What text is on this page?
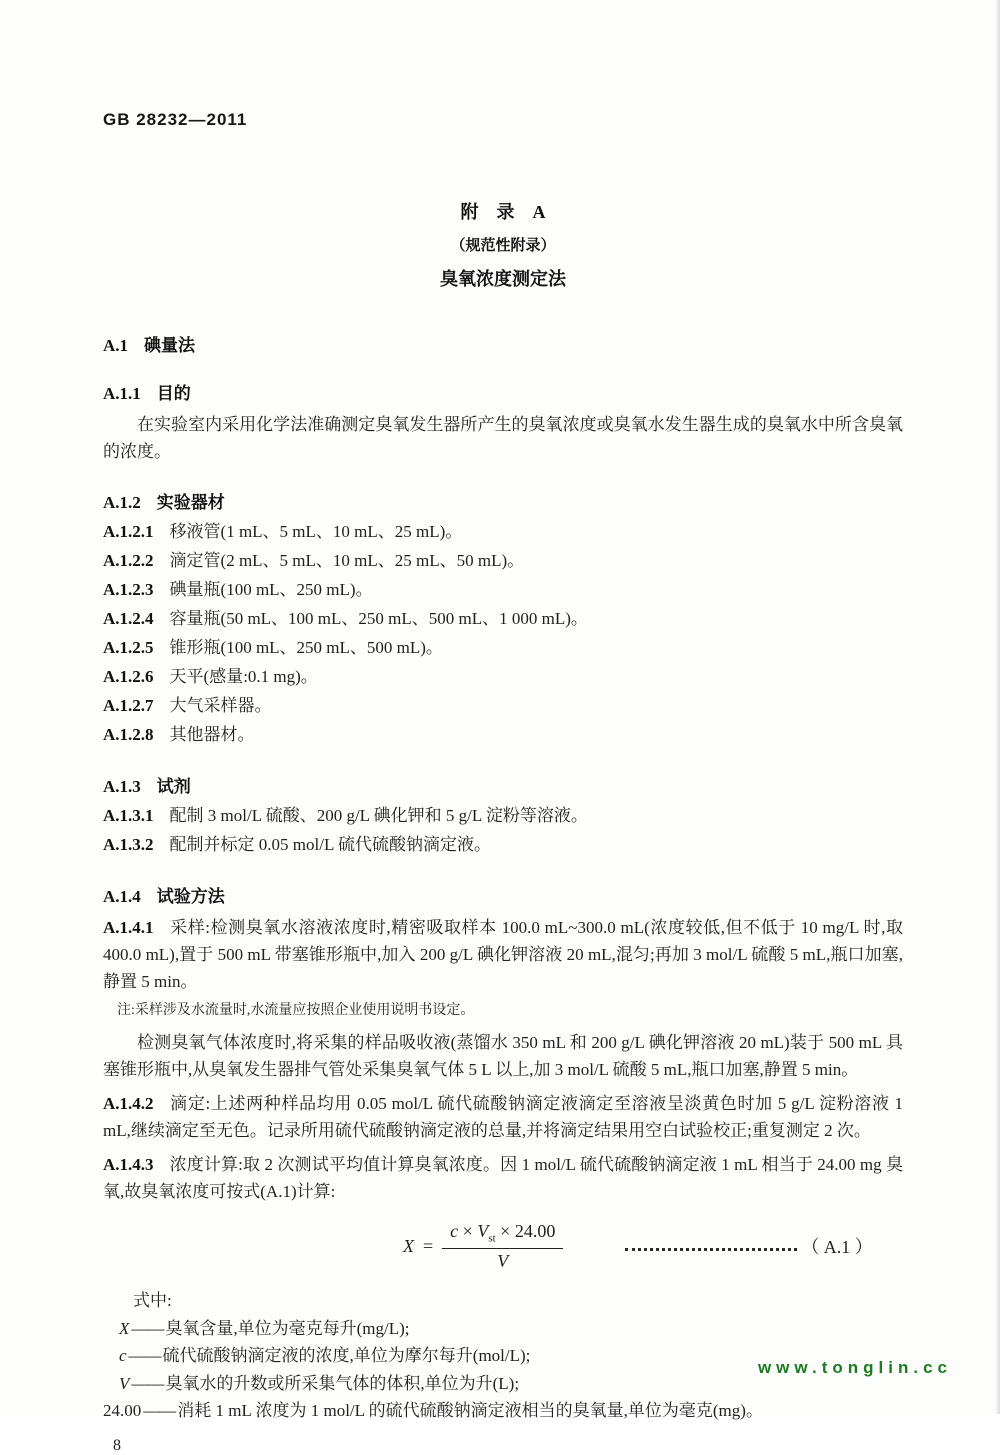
GB 28232—2011
附　录　A
（规范性附录）
臭氧浓度测定法
A.1 碘量法
A.1.1 目的
在实验室内采用化学法准确测定臭氧发生器所产生的臭氧浓度或臭氧水发生器生成的臭氧水中所含臭氧的浓度。
A.1.2 实验器材
A.1.2.1 移液管(1 mL、5 mL、10 mL、25 mL)。
A.1.2.2 滴定管(2 mL、5 mL、10 mL、25 mL、50 mL)。
A.1.2.3 碘量瓶(100 mL、250 mL)。
A.1.2.4 容量瓶(50 mL、100 mL、250 mL、500 mL、1 000 mL)。
A.1.2.5 锥形瓶(100 mL、250 mL、500 mL)。
A.1.2.6 天平(感量:0.1 mg)。
A.1.2.7 大气采样器。
A.1.2.8 其他器材。
A.1.3 试剂
A.1.3.1 配制 3 mol/L 硫酸、200 g/L 碘化钾和 5 g/L 淀粉等溶液。
A.1.3.2 配制并标定 0.05 mol/L 硫代硫酸钠滴定液。
A.1.4 试验方法
A.1.4.1 采样:检测臭氧水溶液浓度时,精密吸取样本 100.0 mL~300.0 mL(浓度较低,但不低于 10 mg/L 时,取 400.0 mL),置于 500 mL 带塞锥形瓶中,加入 200 g/L 碘化钾溶液 20 mL,混匀;再加 3 mol/L 硫酸 5 mL,瓶口加塞,静置 5 min。
注:采样涉及水流量时,水流量应按照企业使用说明书设定。
检测臭氧气体浓度时,将采集的样品吸收液(蒸馏水 350 mL 和 200 g/L 碘化钾溶液 20 mL)装于 500 mL 具塞锥形瓶中,从臭氧发生器排气管处采集臭氧气体 5 L 以上,加 3 mol/L 硫酸 5 mL,瓶口加塞,静置 5 min。
A.1.4.2 滴定:上述两种样品均用 0.05 mol/L 硫代硫酸钠滴定液滴定至溶液呈淡黄色时加 5 g/L 淀粉溶液 1 mL,继续滴定至无色。记录所用硫代硫酸钠滴定液的总量,并将滴定结果用空白试验校正;重复测定 2 次。
A.1.4.3 浓度计算:取 2 次测试平均值计算臭氧浓度。因 1 mol/L 硫代硫酸钠滴定液 1 mL 相当于 24.00 mg 臭氧,故臭氧浓度可按式(A.1)计算:
$X = \frac{c \times V_{st} \times 24.00}{V}$	（ A.1 ）
式中:
X —— 臭氧含量,单位为毫克每升(mg/L);
c —— 硫代硫酸钠滴定液的浓度,单位为摩尔每升(mol/L);
V —— 臭氧水的升数或所采集气体的体积,单位为升(L);
24.00 —— 消耗 1 mL 浓度为 1 mol/L 的硫代硫酸钠滴定液相当的臭氧量,单位为毫克(mg)。
8
www.tonglin.cc
